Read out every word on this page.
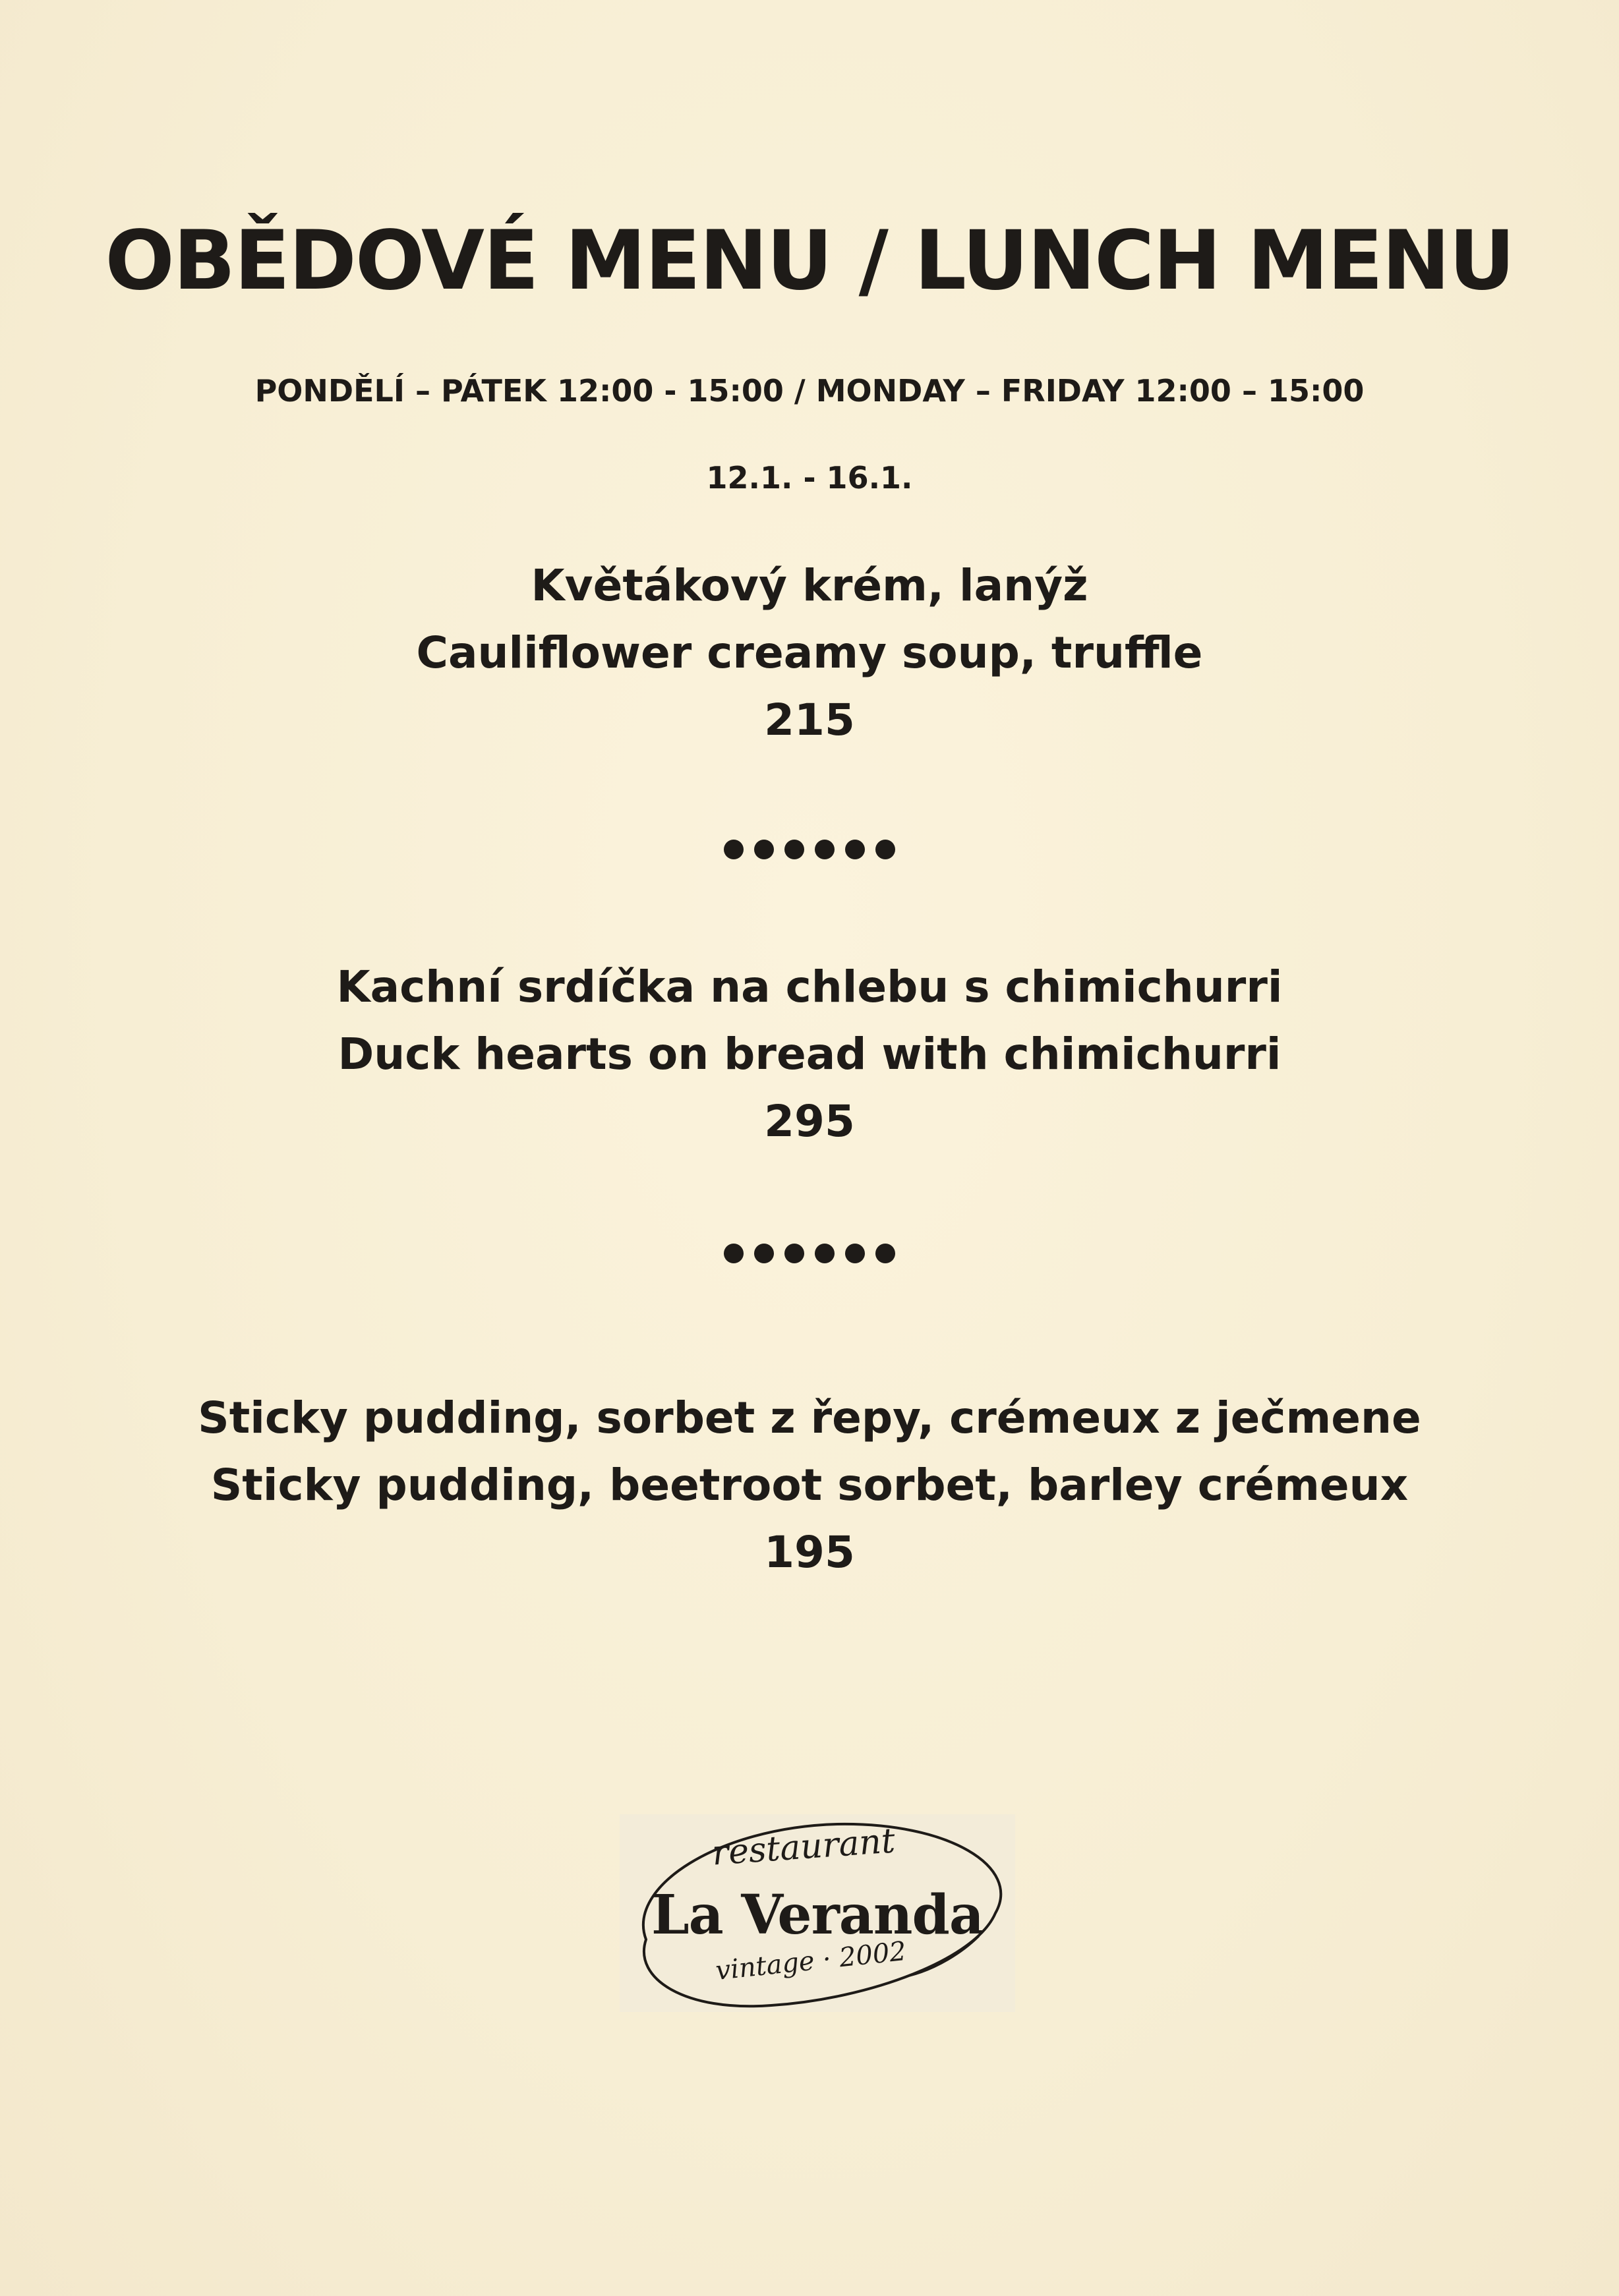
OBĚDOVÉ MENU / LUNCH MENU

PONDĚLÍ – PÁTEK 12:00 - 15:00 / MONDAY – FRIDAY 12:00 – 15:00

12.1. - 16.1.

Květákový krém, lanýž
Cauliflower creamy soup, truffle
215
Kachní srdíčka na chlebu s chimichurri
Duck hearts on bread with chimichurri
295
Sticky pudding, sorbet z řepy, crémeux z ječmene
Sticky pudding, beetroot sorbet, barley crémeux
195
restaurant
La Veranda
vintage · 2002
